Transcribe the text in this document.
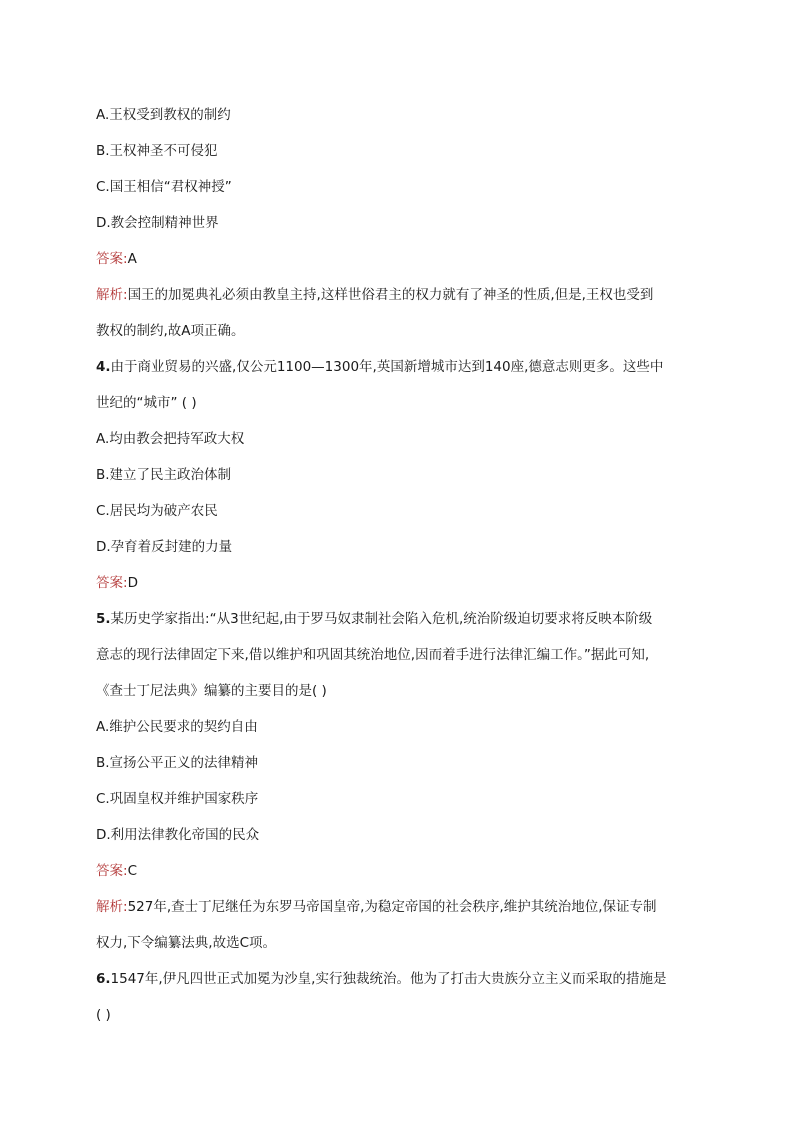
A.王权受到教权的制约
B.王权神圣不可侵犯
C.国王相信“君权神授”
D.教会控制精神世界
答案:A
解析:国王的加冕典礼必须由教皇主持,这样世俗君主的权力就有了神圣的性质,但是,王权也受到
教权的制约,故A项正确。
4.由于商业贸易的兴盛,仅公元1100—1300年,英国新增城市达到140座,德意志则更多。这些中
世纪的“城市” ( )
A.均由教会把持军政大权
B.建立了民主政治体制
C.居民均为破产农民
D.孕育着反封建的力量
答案:D
5.某历史学家指出:“从3世纪起,由于罗马奴隶制社会陷入危机,统治阶级迫切要求将反映本阶级
意志的现行法律固定下来,借以维护和巩固其统治地位,因而着手进行法律汇编工作。”据此可知,
《查士丁尼法典》编纂的主要目的是( )
A.维护公民要求的契约自由
B.宣扬公平正义的法律精神
C.巩固皇权并维护国家秩序
D.利用法律教化帝国的民众
答案:C
解析:527年,查士丁尼继任为东罗马帝国皇帝,为稳定帝国的社会秩序,维护其统治地位,保证专制
权力,下令编纂法典,故选C项。
6.1547年,伊凡四世正式加冕为沙皇,实行独裁统治。他为了打击大贵族分立主义而采取的措施是
( )
